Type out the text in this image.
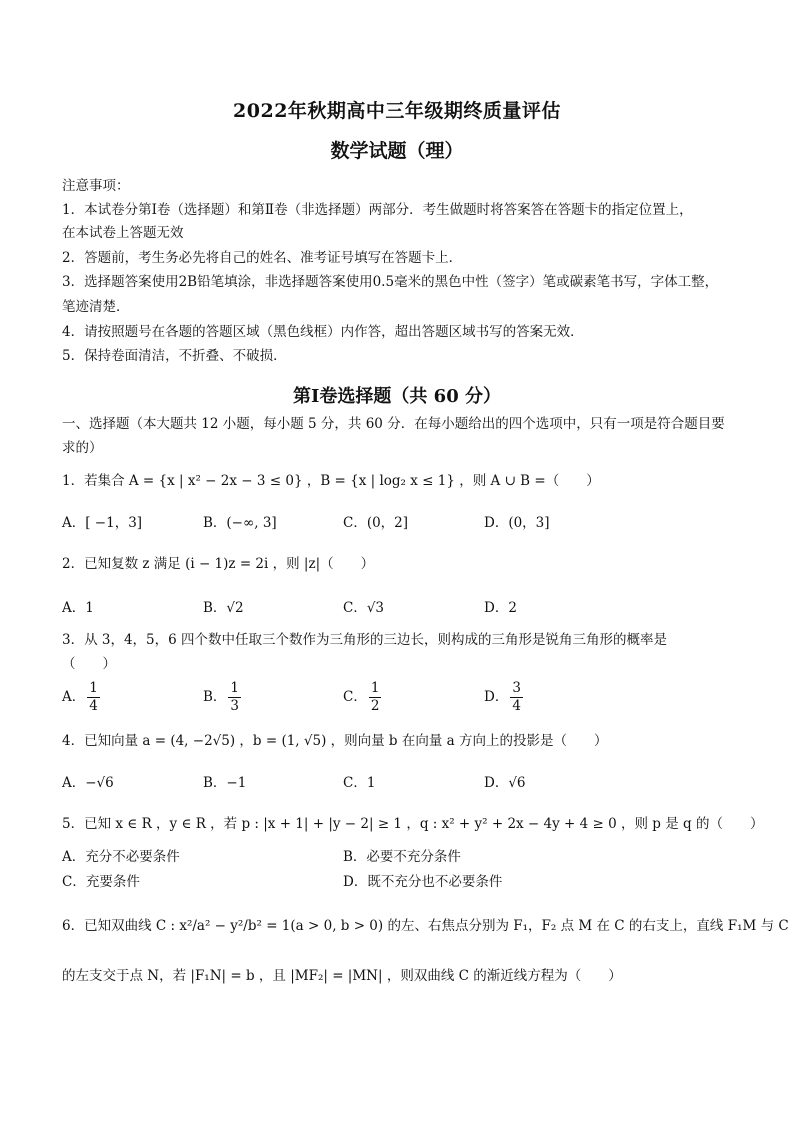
2022年秋期高中三年级期终质量评估
数学试题（理）
注意事项：
1．本试卷分第Ⅰ卷（选择题）和第Ⅱ卷（非选择题）两部分．考生做题时将答案答在答题卡的指定位置上，
在本试卷上答题无效
2．答题前，考生务必先将自己的姓名、准考证号填写在答题卡上．
3．选择题答案使用2B铅笔填涂，非选择题答案使用0.5毫米的黑色中性（签字）笔或碳素笔书写，字体工整，
笔迹清楚．
4．请按照题号在各题的答题区域（黑色线框）内作答，超出答题区域书写的答案无效．
5．保持卷面清洁，不折叠、不破损．
第Ⅰ卷选择题（共 60 分）
一、选择题（本大题共 12 小题，每小题 5 分，共 60 分．在每小题给出的四个选项中，只有一项是符合题目要
求的）
1．若集合 A = {x | x² − 2x − 3 ≤ 0} ，B = {x | log₂ x ≤ 1} ，则 A ∪ B =（　　）
A．[ −1，3]	B．(−∞, 3]	C．(0，2]	D．(0，3]
2．已知复数 z 满足 (i − 1)z = 2i ，则 |z|（　　）
A．1	B．√2	C．√3	D．2
3．从 3，4，5，6 四个数中任取三个数作为三角形的三边长，则构成的三角形是锐角三角形的概率是
（　　）
A． $\frac{1}{4}$	B． $\frac{1}{3}$	C． $\frac{1}{2}$	D． $\frac{3}{4}$
4．已知向量 a = (4, −2√5) ，b = (1, √5) ，则向量 b 在向量 a 方向上的投影是（　　）
A．−√6	B．−1	C．1	D．√6
5．已知 x ∈ R ，y ∈ R ，若 p : |x + 1| + |y − 2| ≥ 1 ，q : x² + y² + 2x − 4y + 4 ≥ 0 ，则 p 是 q 的（　　）
A．充分不必要条件	B．必要不充分条件
C．充要条件	D．既不充分也不必要条件
6．已知双曲线 C : x²/a² − y²/b² = 1(a > 0, b > 0) 的左、右焦点分别为 F₁，F₂ 点 M 在 C 的右支上，直线 F₁M 与 C
的左支交于点 N，若 |F₁N| = b ，且 |MF₂| = |MN| ，则双曲线 C 的渐近线方程为（　　）
